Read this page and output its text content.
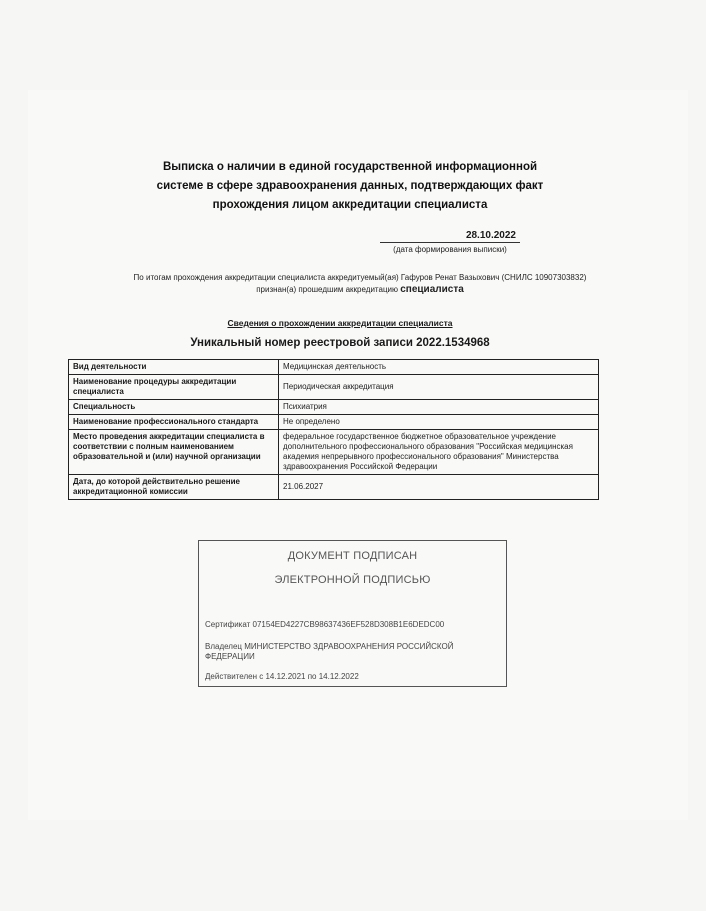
Выписка о наличии в единой государственной информационной
системе в сфере здравоохранения данных, подтверждающих факт
прохождения лицом аккредитации специалиста
28.10.2022
(дата формирования выписки)
По итогам прохождения аккредитации специалиста аккредитуемый(ая) Гафуров Ренат Вазыхович (СНИЛС 10907303832)
признан(а) прошедшим аккредитацию специалиста
Сведения о прохождении аккредитации специалиста
Уникальный номер реестровой записи 2022.1534968
Вид деятельности	Медицинская деятельность
Наименование процедуры аккредитации специалиста	Периодическая аккредитация
Специальность	Психиатрия
Наименование профессионального стандарта	Не определено
Место проведения аккредитации специалиста в соответствии с полным наименованием образовательной и (или) научной организации	федеральное государственное бюджетное образовательное учреждение дополнительного профессионального образования "Российская медицинская академия непрерывного профессионального образования" Министерства здравоохранения Российской Федерации
Дата, до которой действительно решение аккредитационной комиссии	21.06.2027
ДОКУМЕНТ ПОДПИСАН
ЭЛЕКТРОННОЙ ПОДПИСЬЮ
Сертификат 07154ED4227CB98637436EF528D308B1E6DEDC00
Владелец МИНИСТЕРСТВО ЗДРАВООХРАНЕНИЯ РОССИЙСКОЙ ФЕДЕРАЦИИ
Действителен с 14.12.2021 по 14.12.2022
